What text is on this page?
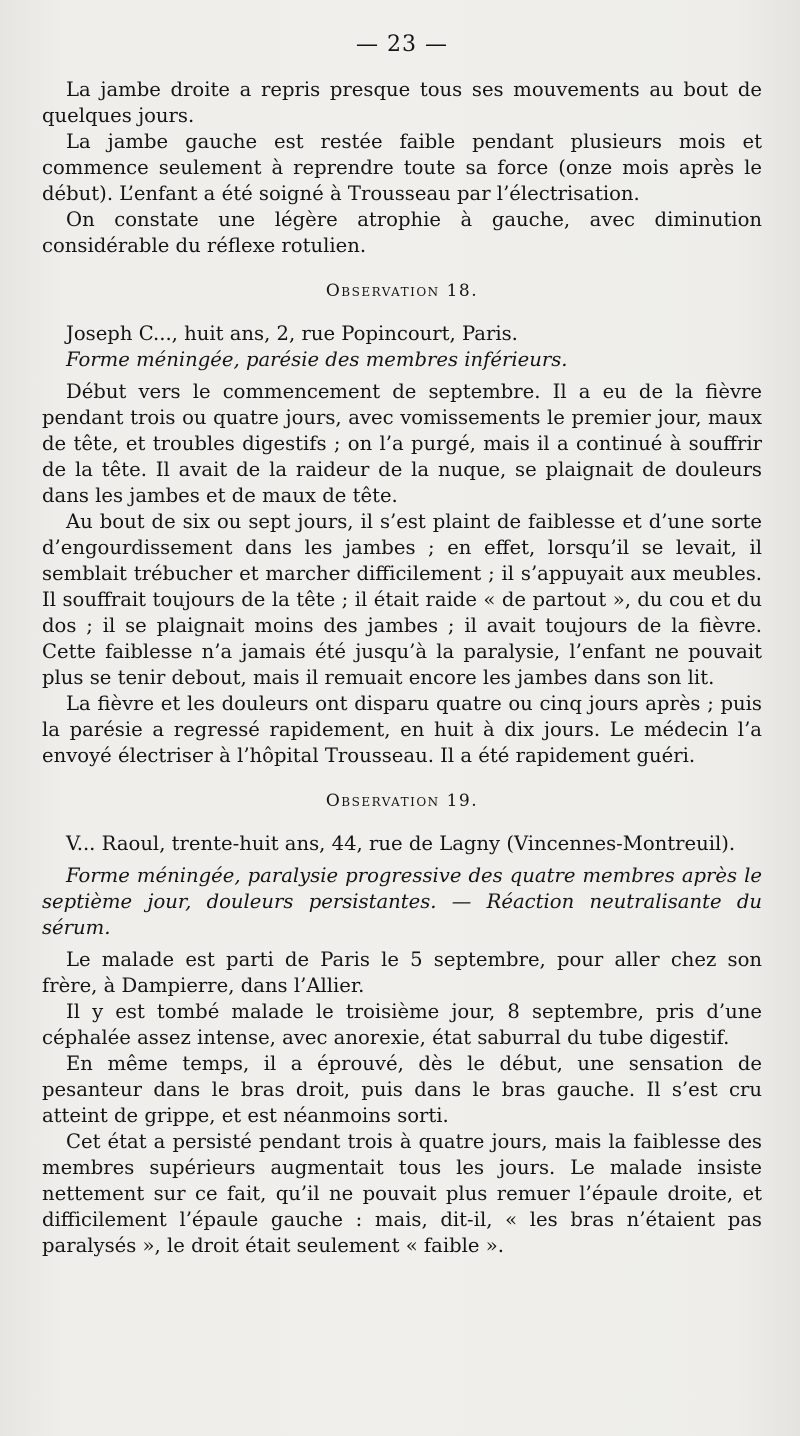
— 23 —

La jambe droite a repris presque tous ses mouvements au bout de quelques jours.

La jambe gauche est restée faible pendant plusieurs mois et commence seulement à reprendre toute sa force (onze mois après le début). L’enfant a été soigné à Trousseau par l’électrisation.

On constate une légère atrophie à gauche, avec diminution considérable du réflexe rotulien.

Observation 18.

Joseph C..., huit ans, 2, rue Popincourt, Paris.

Forme méningée, parésie des membres inférieurs.

Début vers le commencement de septembre. Il a eu de la fièvre pendant trois ou quatre jours, avec vomissements le premier jour, maux de tête, et troubles digestifs ; on l’a purgé, mais il a continué à souffrir de la tête. Il avait de la raideur de la nuque, se plaignait de douleurs dans les jambes et de maux de tête.

Au bout de six ou sept jours, il s’est plaint de faiblesse et d’une sorte d’engourdissement dans les jambes ; en effet, lorsqu’il se levait, il semblait trébucher et marcher difficilement ; il s’appuyait aux meubles. Il souffrait toujours de la tête ; il était raide « de partout », du cou et du dos ; il se plaignait moins des jambes ; il avait toujours de la fièvre. Cette faiblesse n’a jamais été jusqu’à la paralysie, l’enfant ne pouvait plus se tenir debout, mais il remuait encore les jambes dans son lit.

La fièvre et les douleurs ont disparu quatre ou cinq jours après ; puis la parésie a regressé rapidement, en huit à dix jours. Le médecin l’a envoyé électriser à l’hôpital Trousseau. Il a été rapidement guéri.

Observation 19.

V... Raoul, trente-huit ans, 44, rue de Lagny (Vincennes-Montreuil).

Forme méningée, paralysie progressive des quatre membres après le septième jour, douleurs persistantes. — Réaction neutralisante du sérum.

Le malade est parti de Paris le 5 septembre, pour aller chez son frère, à Dampierre, dans l’Allier.

Il y est tombé malade le troisième jour, 8 septembre, pris d’une céphalée assez intense, avec anorexie, état saburral du tube digestif.

En même temps, il a éprouvé, dès le début, une sensation de pesanteur dans le bras droit, puis dans le bras gauche. Il s’est cru atteint de grippe, et est néanmoins sorti.

Cet état a persisté pendant trois à quatre jours, mais la faiblesse des membres supérieurs augmentait tous les jours. Le malade insiste nettement sur ce fait, qu’il ne pouvait plus remuer l’épaule droite, et difficilement l’épaule gauche : mais, dit-il, « les bras n’étaient pas paralysés », le droit était seulement « faible ».
